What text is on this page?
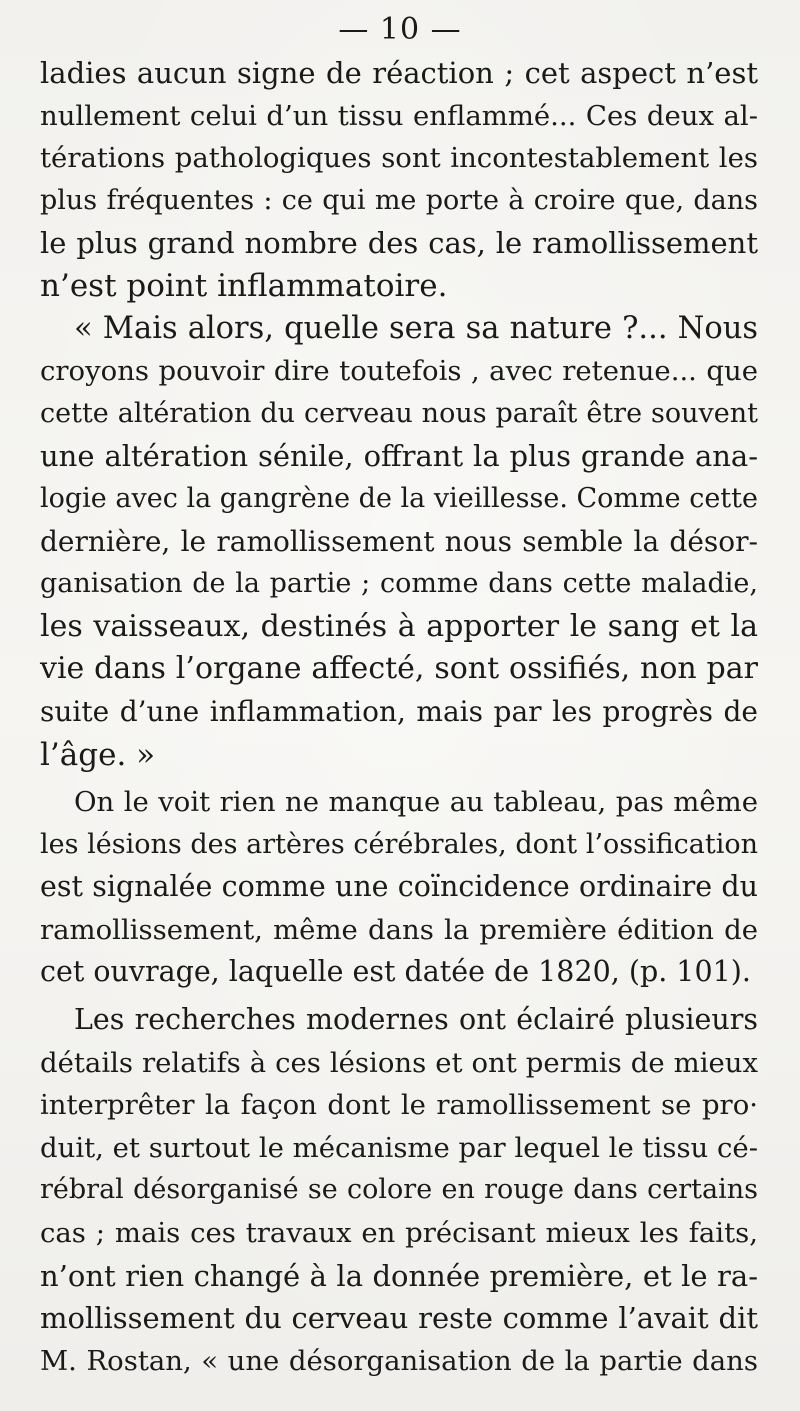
— 10 —
ladies aucun signe de réaction ; cet aspect n’est
nullement celui d’un tissu enflammé... Ces deux al-
térations pathologiques sont incontestablement les
plus fréquentes : ce qui me porte à croire que, dans
le plus grand nombre des cas, le ramollissement
n’est point inflammatoire.
« Mais alors, quelle sera sa nature ?... Nous
croyons pouvoir dire toutefois , avec retenue... que
cette altération du cerveau nous paraît être souvent
une altération sénile, offrant la plus grande ana-
logie avec la gangrène de la vieillesse. Comme cette
dernière, le ramollissement nous semble la désor-
ganisation de la partie ; comme dans cette maladie,
les vaisseaux, destinés à apporter le sang et la
vie dans l’organe affecté, sont ossifiés, non par
suite d’une inflammation, mais par les progrès de
l’âge. »
On le voit rien ne manque au tableau, pas même
les lésions des artères cérébrales, dont l’ossification
est signalée comme une coïncidence ordinaire du
ramollissement, même dans la première édition de
cet ouvrage, laquelle est datée de 1820, (p. 101).
Les recherches modernes ont éclairé plusieurs
détails relatifs à ces lésions et ont permis de mieux
interprêter la façon dont le ramollissement se pro·
duit, et surtout le mécanisme par lequel le tissu cé-
rébral désorganisé se colore en rouge dans certains
cas ; mais ces travaux en précisant mieux les faits,
n’ont rien changé à la donnée première, et le ra-
mollissement du cerveau reste comme l’avait dit
M. Rostan, « une désorganisation de la partie dans
